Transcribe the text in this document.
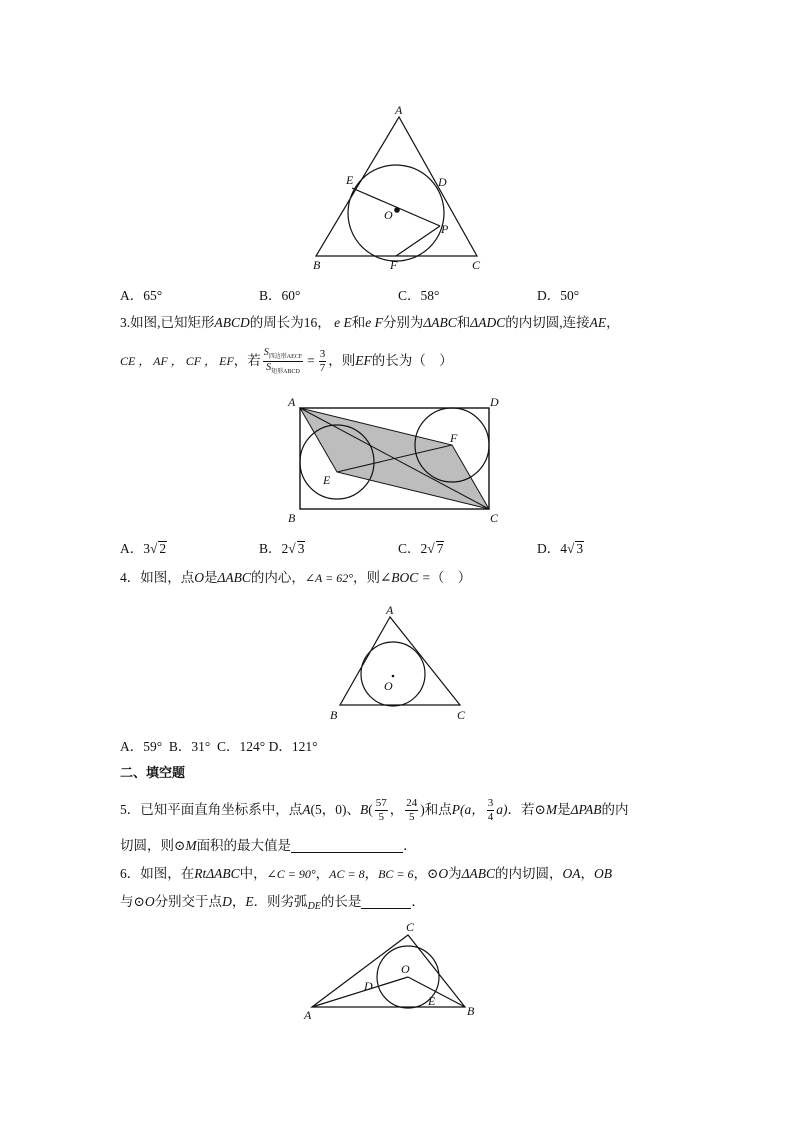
A
B	C
D
E
F
O
P
A．65°	B．60°	C．58°	D．50°
3.如图,已知矩形ABCD的周长为16， e E和e F分别为ΔABC和ΔADC的内切圆,连接AE，
CE ， AF ， CF ， EF ，若 $\frac{S_{四边形AECF}}{S_{矩形ABCD}} = \frac{3}{7}$ ，则 EF 的长为（　）
A
B	C
D
E
F
A．3√ 2	B．2√ 3	C．2√ 7	D．4√ 3
4．如图，点O是ΔABC的内心，∠A = 62°，则∠BOC =（　）
A
B	C
O
A．59°  B．31°  C．124° D．121°
二、填空题
5．已知平面直角坐标系中，点 A (5，0) 、 B ( $\frac{57}{5}$ ， $\frac{24}{5}$ ) 和点 P (a， $\frac{3}{4} a$) ．若⊙ M 是 ΔPAB 的内
切圆，则⊙M面积的最大值是	．
6．如图，在RtΔABC中，∠C = 90°，AC = 8，BC = 6，⊙O为ΔABC的内切圆，OA，OB
与⊙O分别交于点D，E．则劣弧$_{DE}$的长是	．
A	B
C
D
E
O
